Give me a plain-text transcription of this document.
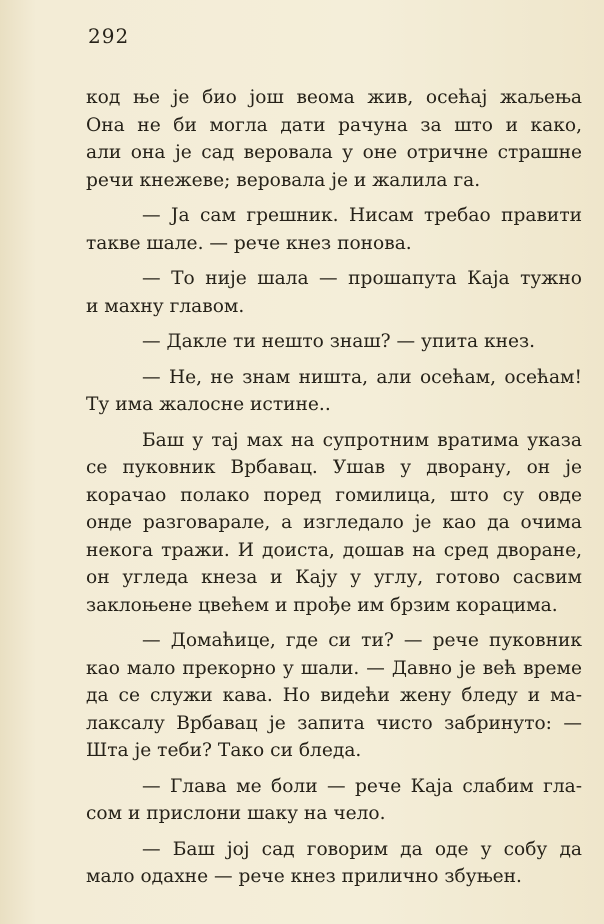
292
код ње је био још веома жив, осећај жаљења
Она не би могла дати рачуна за што и како,
али она је сад веровала у оне отричне страшне
речи кнежеве; веровала је и жалила га.
— Ја сам грешник. Нисам требао правити
такве шале. — рече кнез понова.
— То није шала — прошапута Каја тужно
и махну главом.
— Дакле ти нешто знаш? — упита кнез.
— Не, не знам ништа, али осећам, осећам!
Ту има жалосне истине..
Баш у тај мах на супротним вратима указа
се пуковник Врбавац. Ушав у дворану, он је
корачао полако поред гомилица, што су овде
онде разговарале, а изгледало је као да очима
некога тражи. И доиста, дошав на сред дворане,
он угледа кнеза и Кају у углу, готово сасвим
заклоњене цвећем и прође им брзим корацима.
— Домаћице, где си ти? — рече пуковник
као мало прекорно у шали. — Давно је већ време
да се служи кава. Но видећи жену бледу и ма-
лаксалу Врбавац је запита чисто забринуто: —
Шта је теби? Тако си бледа.
— Глава ме боли — рече Каја слабим гла-
сом и прислони шаку на чело.
— Баш јој сад говорим да оде у собу да
мало одахне — рече кнез прилично збуњен.
